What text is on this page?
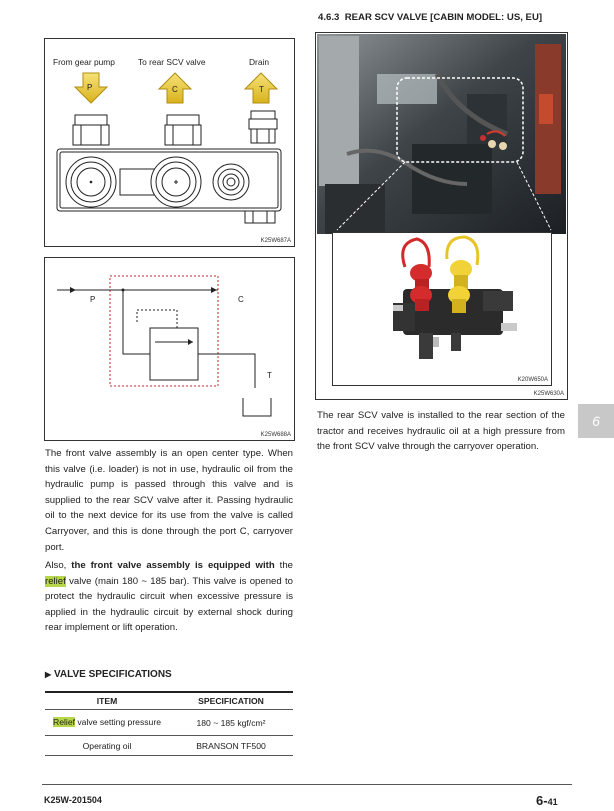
4.6.3 REAR SCV VALVE [CABIN MODEL: US, EU]
From gear pump	To rear SCV valve	Drain
P	C	T
K25W687A
P	C
T
K25W688A
K20W650A
K25W630A

The rear SCV valve is installed to the rear section of the tractor and receives hydraulic oil at a high pressure from the front SCV valve through the carryover operation.

6

The front valve assembly is an open center type. When this valve (i.e. loader) is not in use, hydraulic oil from the hydraulic pump is passed through this valve and is supplied to the rear SCV valve after it. Passing hydraulic oil to the next device for its use from the valve is called Carryover, and this is done through the port C, carryover port.

Also, the front valve assembly is equipped with the relief valve (main 180 ~ 185 bar). This valve is opened to protect the hydraulic circuit when excessive pressure is applied in the hydraulic circuit by external shock during rear implement or lift operation.

▶ VALVE SPECIFICATIONS
ITEM	SPECIFICATION
Relief valve setting pressure	180 ~ 185 kgf/cm²
Operating oil	BRANSON TF500
K25W-201504	6-41
